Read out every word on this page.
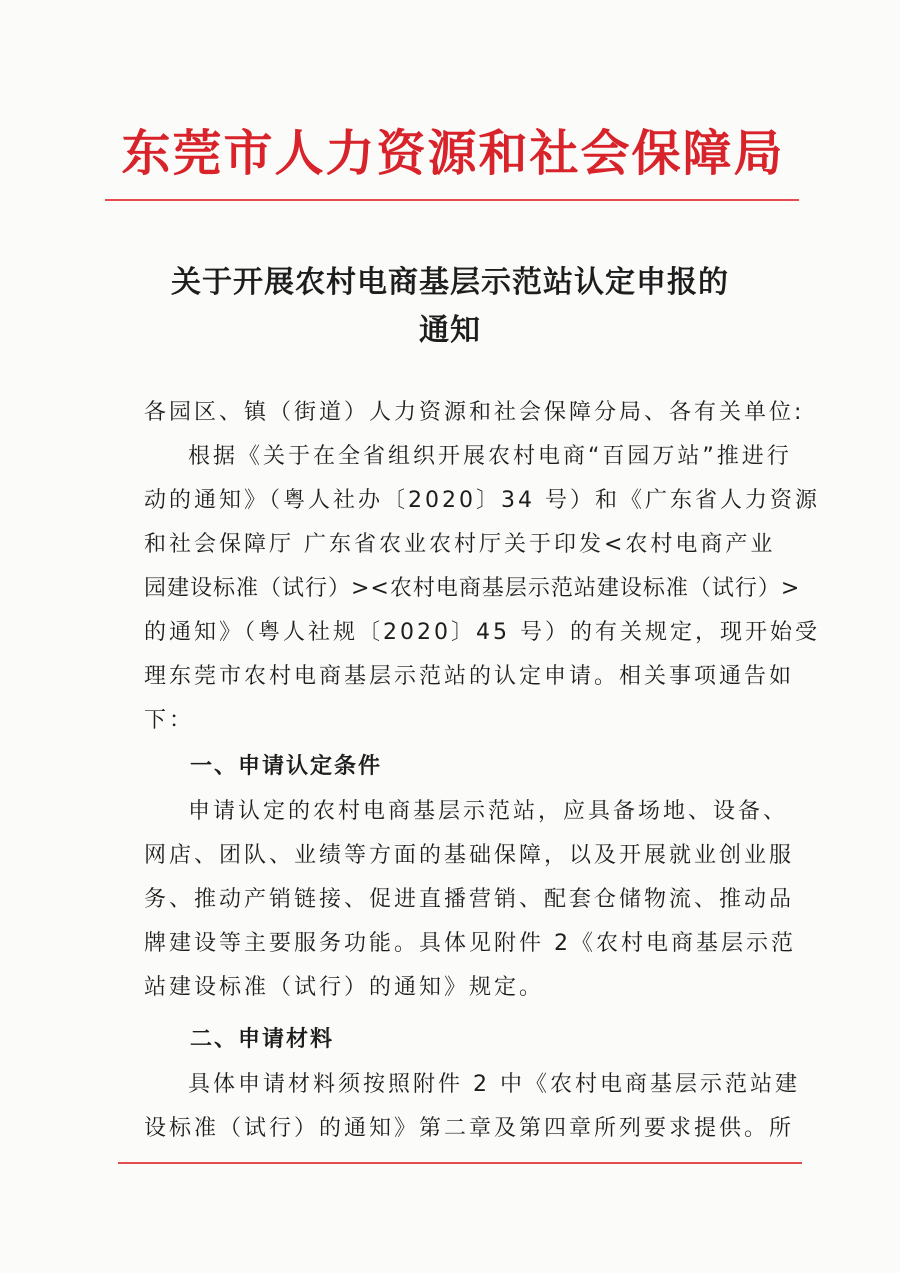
东莞市人力资源和社会保障局
关于开展农村电商基层示范站认定申报的
通知

各园区、镇（街道）人力资源和社会保障分局、各有关单位:

根据《关于在全省组织开展农村电商“百园万站”推进行

动的通知》（粤人社办〔2020〕34 号）和《广东省人力资源

和社会保障厅 广东省农业农村厅关于印发<农村电商产业

园建设标准（试行）><农村电商基层示范站建设标准（试行）>

的通知》（粤人社规〔2020〕45 号）的有关规定，现开始受

理东莞市农村电商基层示范站的认定申请。相关事项通告如

下：

一、申请认定条件

申请认定的农村电商基层示范站，应具备场地、设备、

网店、团队、业绩等方面的基础保障，以及开展就业创业服

务、推动产销链接、促进直播营销、配套仓储物流、推动品

牌建设等主要服务功能。具体见附件 2《农村电商基层示范

站建设标准（试行）的通知》规定。

二、申请材料

具体申请材料须按照附件 2 中《农村电商基层示范站建

设标准（试行）的通知》第二章及第四章所列要求提供。所
